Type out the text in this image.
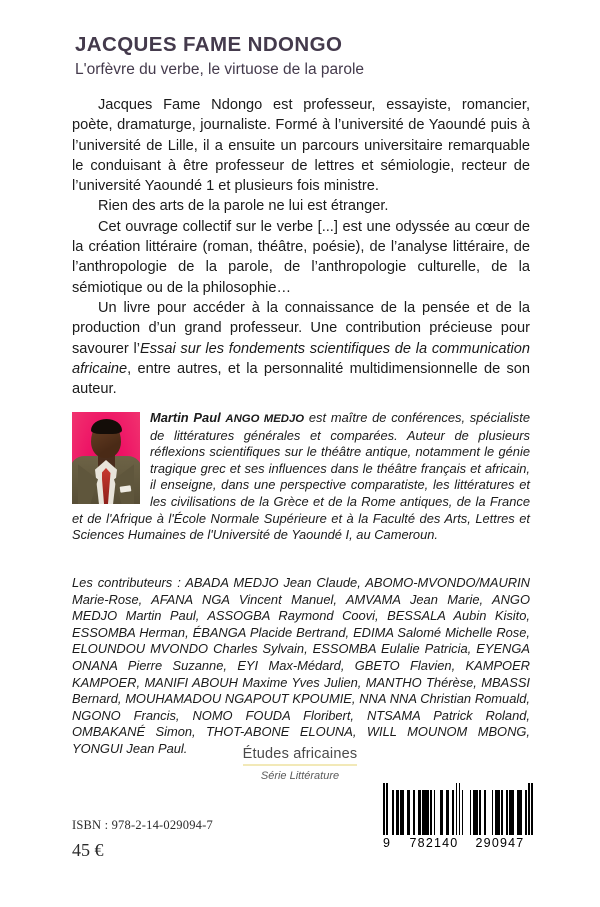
JACQUES FAME NDONGO
L'orfèvre du verbe, le virtuose de la parole

Jacques Fame Ndongo est professeur, essayiste, romancier, poète, dramaturge, journaliste. Formé à l’université de Yaoundé puis à l’université de Lille, il a ensuite un parcours universitaire remarquable le conduisant à être professeur de lettres et sémiologie, recteur de l’université Yaoundé 1 et plusieurs fois ministre.

Rien des arts de la parole ne lui est étranger.

Cet ouvrage collectif sur le verbe [...] est une odyssée au cœur de la création littéraire (roman, théâtre, poésie), de l’analyse littéraire, de l’anthropologie de la parole, de l’anthropologie culturelle, de la sémiotique ou de la philosophie…

Un livre pour accéder à la connaissance de la pensée et de la production d’un grand professeur. Une contribution précieuse pour savourer l’Essai sur les fondements scientifiques de la communication africaine, entre autres, et la personnalité multidimensionnelle de son auteur.

Martin Paul ANGO MEDJO est maître de conférences, spécialiste de littératures générales et comparées. Auteur de plusieurs réflexions scientifiques sur le théâtre antique, notamment le génie tragique grec et ses influences dans le théâtre français et africain, il enseigne, dans une perspective comparatiste, les littératures et les civilisations de la Grèce et de la Rome antiques, de la France et de l'Afrique à l'École Normale Supérieure et à la Faculté des Arts, Lettres et Sciences Humaines de l'Université de Yaoundé I, au Cameroun.
Les contributeurs : ABADA MEDJO Jean Claude, ABOMO-MVONDO/MAURIN Marie-Rose, AFANA NGA Vincent Manuel, AMVAMA Jean Marie, ANGO MEDJO Martin Paul, ASSOGBA Raymond Coovi, BESSALA Aubin Kisito, ESSOMBA Herman, ÉBANGA Placide Bertrand, EDIMA Salomé Michelle Rose, ELOUNDOU MVONDO Charles Sylvain, ESSOMBA Eulalie Patricia, EYENGA ONANA Pierre Suzanne, EYI Max-Médard, GBETO Flavien, KAMPOER KAMPOER, MANIFI ABOUH Maxime Yves Julien, MANTHO Thérèse, MBASSI Bernard, MOUHAMADOU NGAPOUT KPOUMIE, NNA NNA Christian Romuald, NGONO Francis, NOMO FOUDA Floribert, NTSAMA Patrick Roland, OMBAKANÉ Simon, THOT-ABONE ELOUNA, WILL MOUNOM MBONG, YONGUI Jean Paul.	Études africaines
Série Littérature
ISBN : 978-2-14-029094-7
45 €	9	782140	290947
